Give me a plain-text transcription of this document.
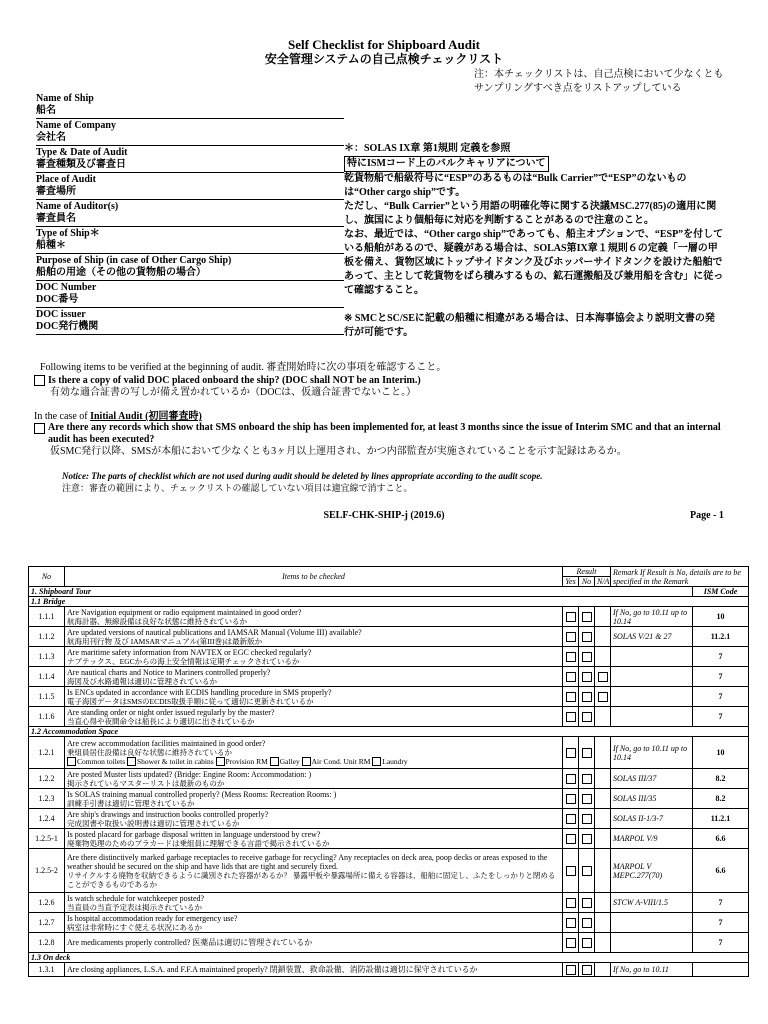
Self Checklist for Shipboard Audit
安全管理システムの自己点検チェックリスト
注：本チェックリストは、自己点検において少なくとも
サンプリングすべき点をリストアップしている
Name of Ship
船名
Name of Company
会社名
Type & Date of Audit
審査種類及び審査日
Place of Audit
審査場所
Name of Auditor(s)
審査員名
Type of Ship＊
船種＊
Purpose of Ship (in case of Other Cargo Ship)
船舶の用途（その他の貨物船の場合）
DOC Number
DOC番号
DOC issuer
DOC発行機関

＊：SOLAS IX章 第1規則 定義を参照

特にISMコード上のバルクキャリアについて

乾貨物船で船級符号に“ESP”のあるものは“Bulk Carrier”で“ESP”のないものは“Other cargo ship”です。

ただし、“Bulk Carrier”という用語の明確化等に関する決議MSC.277(85)の適用に関し、旗国により個船毎に対応を判断することがあるので注意のこと。

なお、最近では、“Other cargo ship”であっても、船主オプションで、“ESP”を付している船舶があるので、疑義がある場合は、SOLAS第IX章１規則６の定義「一層の甲板を備え、貨物区域にトップサイドタンク及びホッパーサイドタンクを設けた船舶であって、主として乾貨物をばら積みするもの、鉱石運搬船及び兼用船を含む」に従って確認すること。

※ SMCとSC/SEに記載の船種に相違がある場合は、日本海事協会より説明文書の発行が可能です。

Following items to be verified at the beginning of audit. 審査開始時に次の事項を確認すること。
Is there a copy of valid DOC placed onboard the ship? (DOC shall NOT be an Interim.)
有効な適合証書の写しが備え置かれているか（DOCは、仮適合証書でないこと。）
In the case of Initial Audit (初回審査時)
Are there any records which show that SMS onboard the ship has been implemented for, at least 3 months since the issue of Interim SMC and that an internal audit has been executed?
仮SMC発行以降、SMSが本船において少なくとも3ヶ月以上運用され、かつ内部監査が実施されていることを示す記録はあるか。
Notice: The parts of checklist which are not used during audit should be deleted by lines appropriate according to the audit scope.
注意：審査の範囲により、チェックリストの確認していない項目は適宜線で消すこと。
SELF-CHK-SHIP-j (2019.6)	Page - 1
No	Items to be checked	Result			Remark If Result is No, details are to be specified in the Remark	
		Yes	No	N/A		
1. Shipboard Tour						ISM Code
1.1 Bridge						
1.1.1	Are Navigation equipment or radio equipment maintained in good order?
航海計器、無線設備は良好な状態に維持されているか				If No, go to 10.11 up to 10.14	10
1.1.2	Are updated versions of nautical publications and IAMSAR Manual (Volume III) available?
航海用刊行物 及び IAMSARマニュアル(第III巻)は最新版か				SOLAS V/21 & 27	11.2.1
1.1.3	Are maritime safety information from NAVTEX or EGC checked regularly?
ナブテックス、EGCからの海上安全情報は定期チェックされているか					7
1.1.4	Are nautical charts and Notice to Mariners controlled properly?
海図及び水路通報は適切に管理されているか					7
1.1.5	Is ENCs updated in accordance with ECDIS handling procedure in SMS properly?
電子海図データはSMSのECDIS取扱手順に従って適切に更新されているか					7
1.1.6	Are standing order or night order issued regularly by the master?
当直心得や夜間命令は船長により適切に出されているか					7
1.2 Accommodation Space						
1.2.1	Are crew accommodation facilities maintained in good order?
乗組員居住設備は良好な状態に維持されているか
Common toilets Shower & toilet in cabins Provision RM Galley Air Cond. Unit RM Laundry				If No, go to 10.11 up to 10.14	10
1.2.2	Are posted Muster lists updated? (Bridge: Engine Room: Accommodation: )
掲示されているマスターリストは最新のものか				SOLAS III/37	8.2
1.2.3	Is SOLAS training manual controlled properly? (Mess Rooms: Recreation Rooms: )
訓練手引書は適切に管理されているか				SOLAS III/35	8.2
1.2.4	Are ship's drawings and instruction books controlled properly?
完成図書や取扱い説明書は適切に管理されているか				SOLAS II-1/3-7	11.2.1
1.2.5-1	Is posted placard for garbage disposal written in language understood by crew?
廃棄物処理のためのプラカードは乗組員に理解できる言語で掲示されているか				MARPOL V/9	6.6
1.2.5-2	Are there distinctively marked garbage receptacles to receive garbage for recycling? Any receptacles on deck area, poop decks or areas exposed to the weather should be secured on the ship and have lids that are tight and securely fixed.
リサイクルする廃物を収納できるように識別された容器があるか？ 暴露甲板や暴露場所に備える容器は、船舶に固定し、ふたをしっかりと閉めることができるものであるか				MARPOL V MEPC.277(70)	6.6
1.2.6	Is watch schedule for watchkeeper posted?
当直員の当直予定表は掲示されているか				STCW A-VIII/1.5	7
1.2.7	Is hospital accommodation ready for emergency use?
病室は非常時にすぐ使える状況にあるか					7
1.2.8	Are medicaments properly controlled? 医薬品は適切に管理されているか					7
1.3 On deck						
1.3.1	Are closing appliances, L.S.A. and F.F.A maintained properly? 閉鎖装置、救命設備、消防設備は適切に保守されているか				If No, go to 10.11	
